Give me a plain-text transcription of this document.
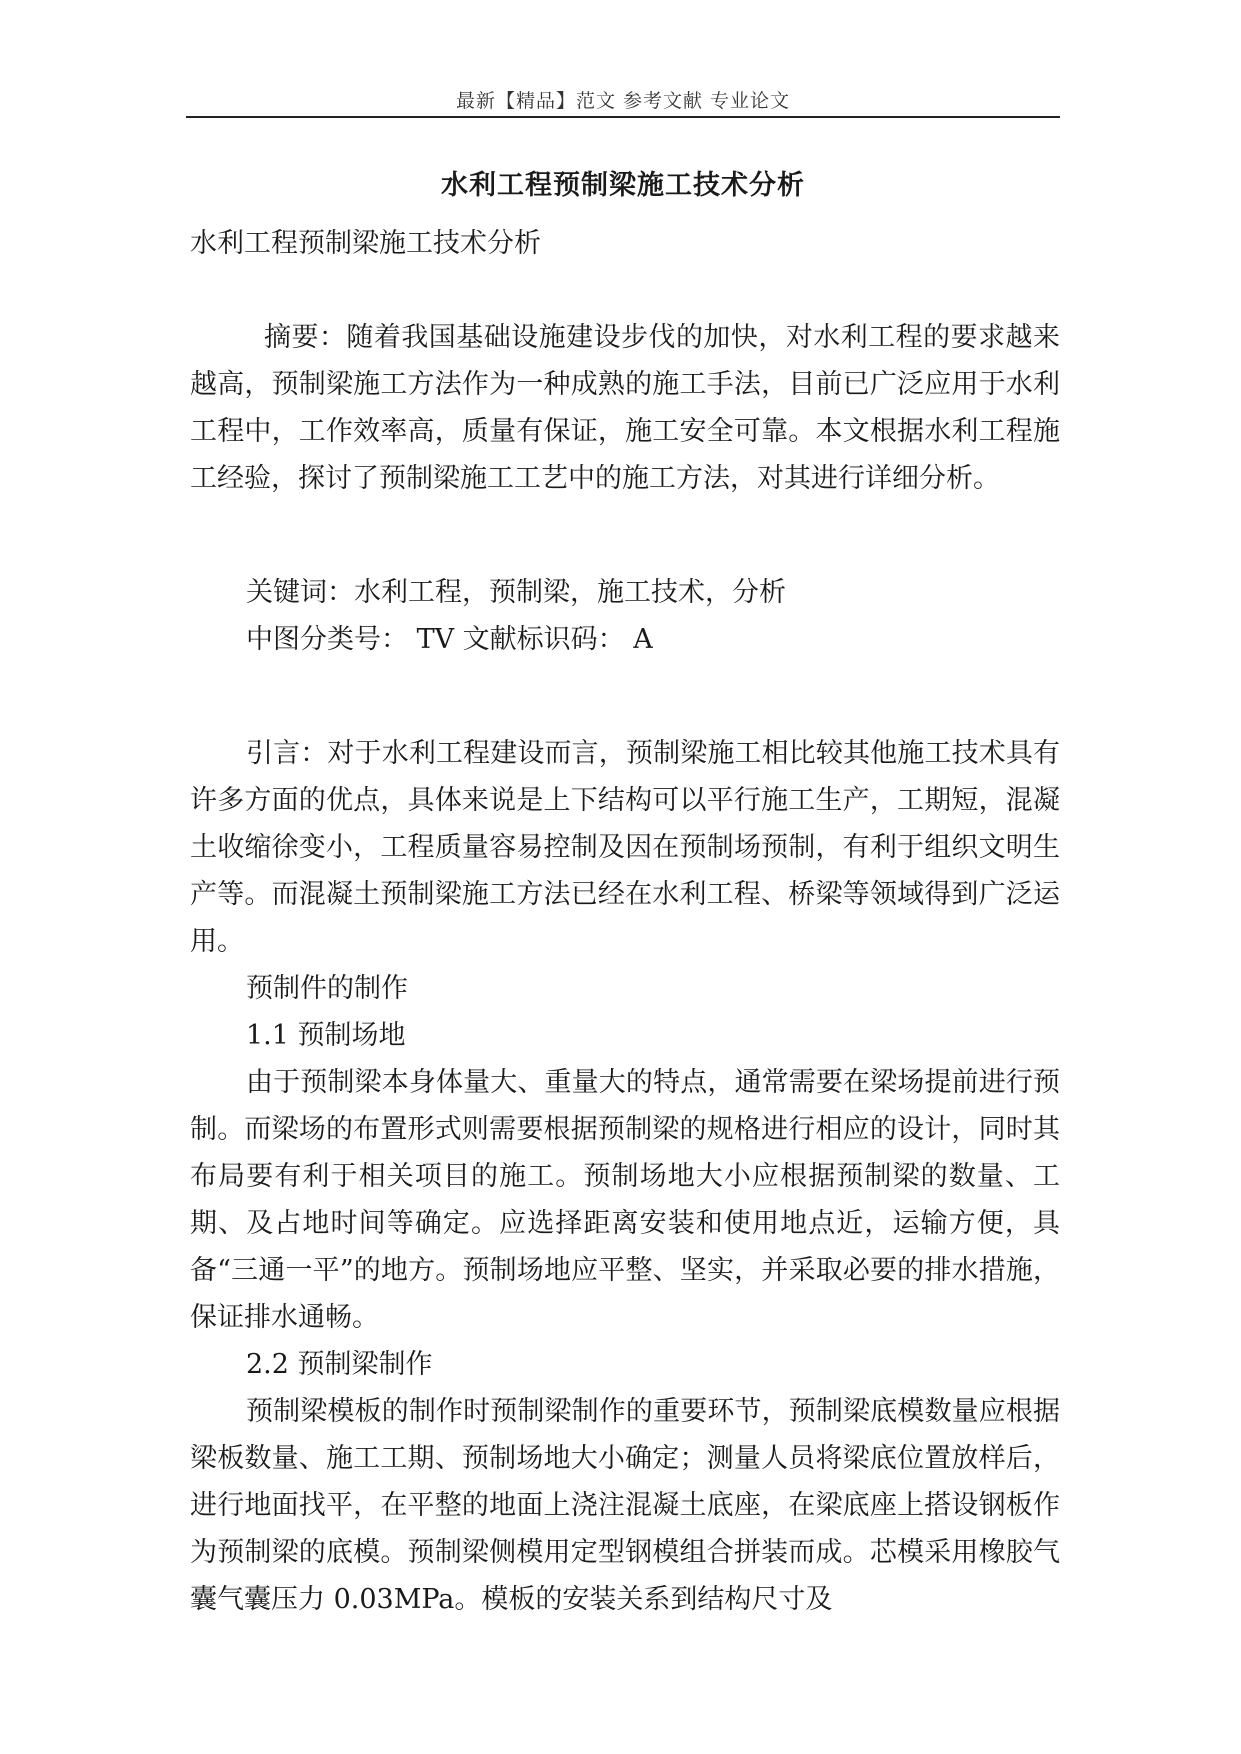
最新【精品】范文 参考文献 专业论文
水利工程预制梁施工技术分析

水利工程预制梁施工技术分析

摘要：随着我国基础设施建设步伐的加快，对水利工程的要求越来越高，预制梁施工方法作为一种成熟的施工手法，目前已广泛应用于水利工程中，工作效率高，质量有保证，施工安全可靠。本文根据水利工程施工经验，探讨了预制梁施工工艺中的施工方法，对其进行详细分析。

关键词：水利工程，预制梁，施工技术，分析

中图分类号： TV 文献标识码： A

引言：对于水利工程建设而言，预制梁施工相比较其他施工技术具有许多方面的优点，具体来说是上下结构可以平行施工生产，工期短，混凝土收缩徐变小，工程质量容易控制及因在预制场预制，有利于组织文明生产等。而混凝土预制梁施工方法已经在水利工程、桥梁等领域得到广泛运用。

预制件的制作

1.1 预制场地

由于预制梁本身体量大、重量大的特点，通常需要在梁场提前进行预制。而梁场的布置形式则需要根据预制梁的规格进行相应的设计，同时其布局要有利于相关项目的施工。预制场地大小应根据预制梁的数量、工期、及占地时间等确定。应选择距离安装和使用地点近，运输方便，具备“三通一平”的地方。预制场地应平整、坚实，并采取必要的排水措施，保证排水通畅。

2.2 预制梁制作

预制梁模板的制作时预制梁制作的重要环节，预制梁底模数量应根据梁板数量、施工工期、预制场地大小确定；测量人员将梁底位置放样后，进行地面找平，在平整的地面上浇注混凝土底座，在梁底座上搭设钢板作为预制梁的底模。预制梁侧模用定型钢模组合拼装而成。芯模采用橡胶气囊气囊压力 0.03MPa。模板的安装关系到结构尺寸及
